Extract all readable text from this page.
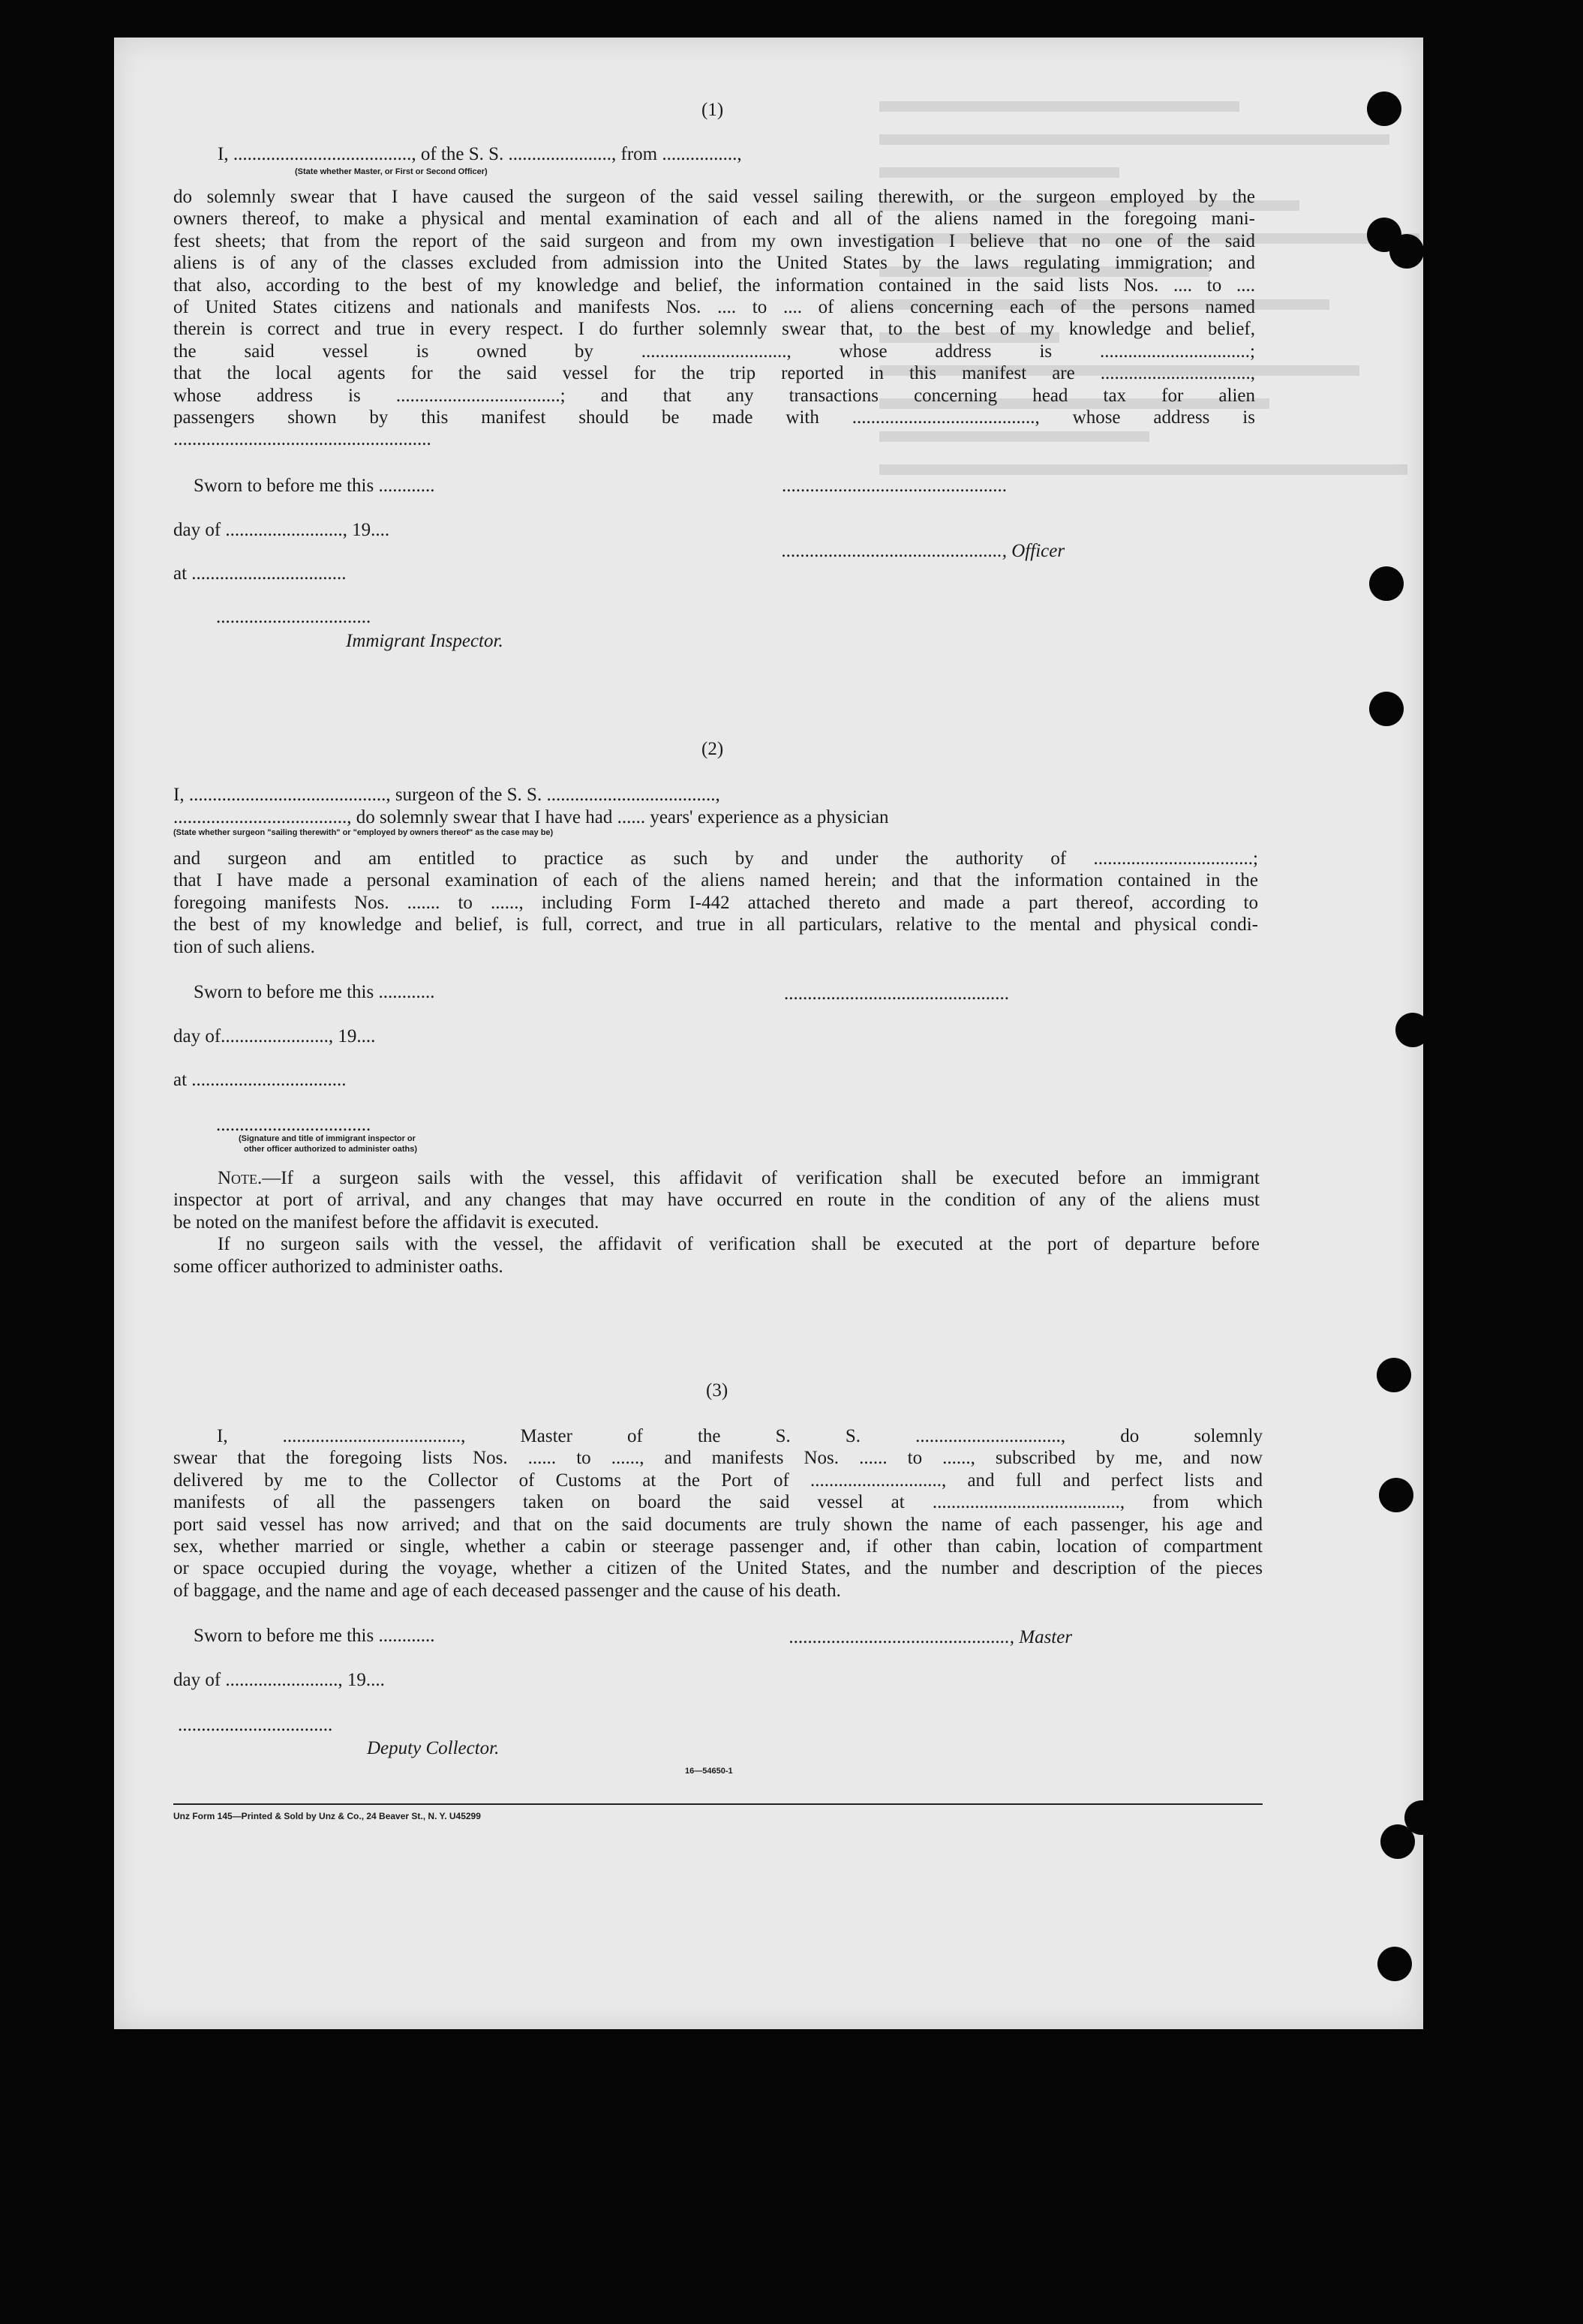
(1)
I, ......................................, of the S. S. ......................, from ................,
(State whether Master, or First or Second Officer)
do solemnly swear that I have caused the surgeon of the said vessel sailing therewith, or the surgeon employed by the
owners thereof, to make a physical and mental examination of each and all of the aliens named in the foregoing mani-
fest sheets; that from the report of the said surgeon and from my own investigation I believe that no one of the said
aliens is of any of the classes excluded from admission into the United States by the laws regulating immigration; and
that also, according to the best of my knowledge and belief, the information contained in the said lists Nos. .... to ....
of United States citizens and nationals and manifests Nos. .... to .... of aliens concerning each of the persons named
therein is correct and true in every respect. I do further solemnly swear that, to the best of my knowledge and belief,
the said vessel is owned by ..............................., whose address is ................................;
that the local agents for the said vessel for the trip reported in this manifest are ................................,
whose address is ...................................; and that any transactions concerning head tax for alien
passengers shown by this manifest should be made with ......................................., whose address is
.......................................................
Sworn to before me this ............	................................................
day of ........................., 19....
..............................................., Officer
at .................................
.................................
Immigrant Inspector.
(2)
I, .........................................., surgeon of the S. S. ....................................,
....................................., do solemnly swear that I have had ...... years' experience as a physician
(State whether surgeon "sailing therewith" or "employed by owners thereof" as the case may be)
and surgeon and am entitled to practice as such by and under the authority of ..................................;
that I have made a personal examination of each of the aliens named herein; and that the information contained in the
foregoing manifests Nos. ....... to ......, including Form I-442 attached thereto and made a part thereof, according to
the best of my knowledge and belief, is full, correct, and true in all particulars, relative to the mental and physical condi-
tion of such aliens.
Sworn to before me this ............	................................................
day of......................., 19....
at .................................
.................................
(Signature and title of immigrant inspector or
other officer authorized to administer oaths)
Note.—If a surgeon sails with the vessel, this affidavit of verification shall be executed before an immigrant
inspector at port of arrival, and any changes that may have occurred en route in the condition of any of the aliens must
be noted on the manifest before the affidavit is executed.
If no surgeon sails with the vessel, the affidavit of verification shall be executed at the port of departure before
some officer authorized to administer oaths.
(3)
I, ......................................, Master of the S. S. ..............................., do solemnly
swear that the foregoing lists Nos. ...... to ......, and manifests Nos. ...... to ......, subscribed by me, and now
delivered by me to the Collector of Customs at the Port of ............................, and full and perfect lists and
manifests of all the passengers taken on board the said vessel at ........................................, from which
port said vessel has now arrived; and that on the said documents are truly shown the name of each passenger, his age and
sex, whether married or single, whether a cabin or steerage passenger and, if other than cabin, location of compartment
or space occupied during the voyage, whether a citizen of the United States, and the number and description of the pieces
of baggage, and the name and age of each deceased passenger and the cause of his death.
Sworn to before me this ............	..............................................., Master
day of ........................, 19....
.................................
Deputy Collector.
16—54650-1
Unz Form 145—Printed & Sold by Unz & Co., 24 Beaver St., N. Y. U45299
